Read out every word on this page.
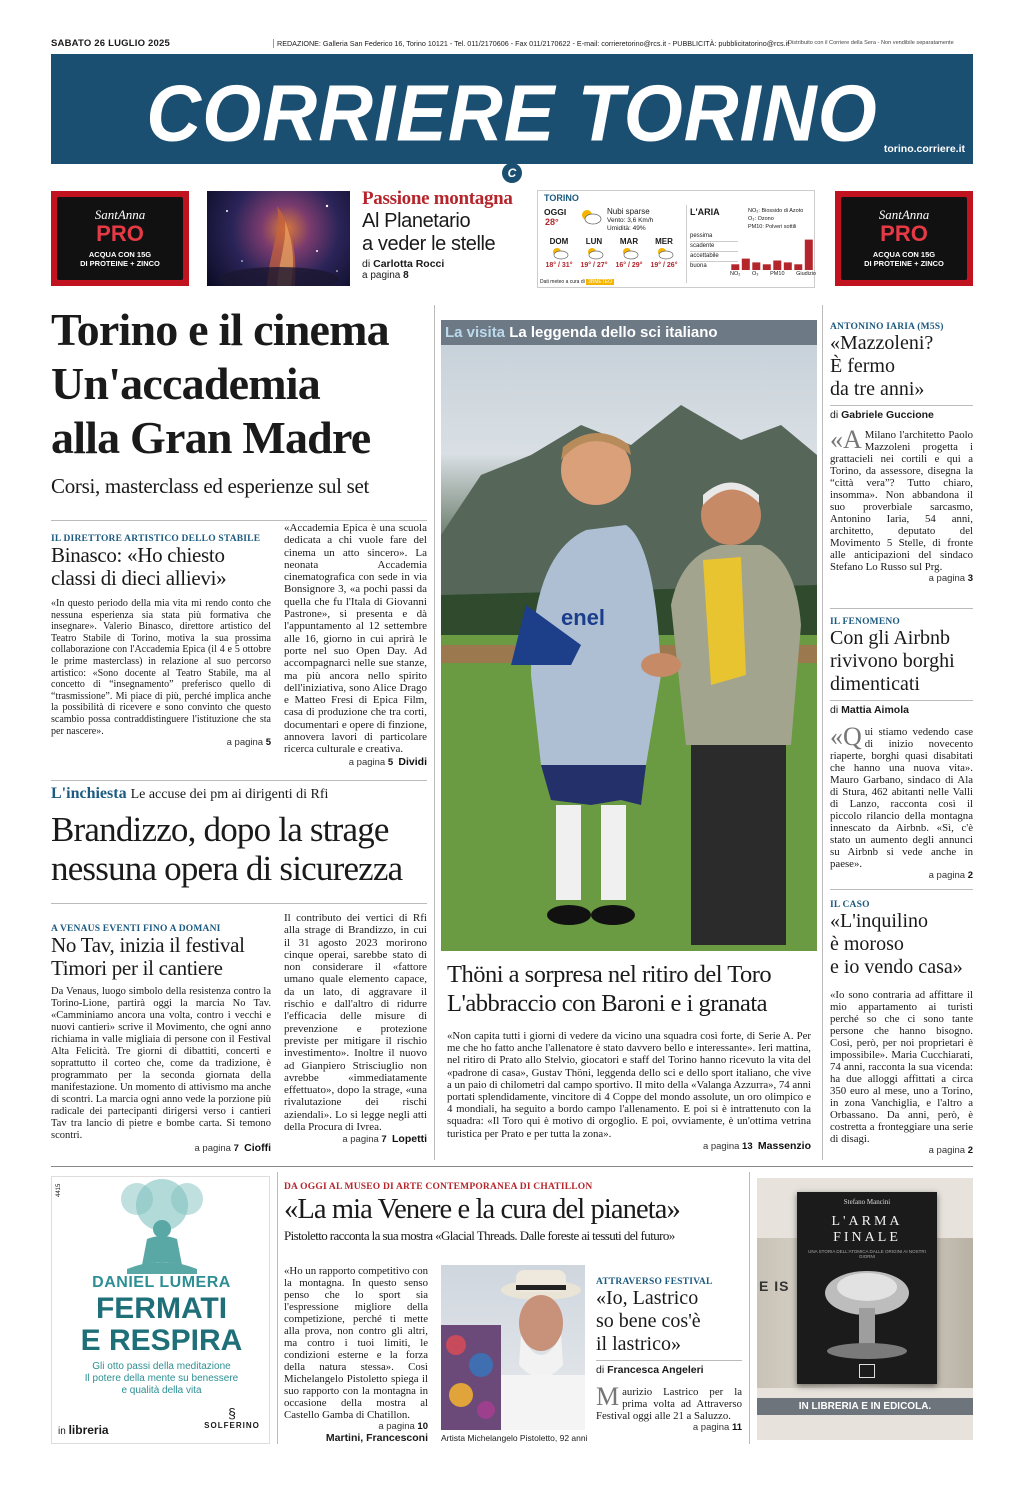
SABATO 26 LUGLIO 2025	REDAZIONE: Galleria San Federico 16, Torino 10121 - Tel. 011/2170606 - Fax 011/2170622 - E-mail: corrieretorino@rcs.it - PUBBLICITÀ: pubblicitatorino@rcs.it
Distribuito con il Corriere della Sera - Non vendibile separatamente
CORRIERE TORINO torino.corriere.it
C
SantAnna
PRO
ACQUA CON 15G
DI PROTEINE + ZINCO
Passione montagna
Al Planetario
a veder le stelle
di Carlotta Rocci
a pagina 8
TORINO
OGGI
28°
Nubi sparse
Vento: 3,6 Km/h
Umidità: 49%
DOM
18° / 31°
LUN
19° / 27°
MAR
16° / 29°
MER
19° / 26°
Dati meteo a cura di 3BMETEO
L'ARIA	NO₂: Biossido di Azoto
O₃: Ozono
PM10: Polveri sottili
pessima
scadente
accettabile
buona
NO₂ O₃ PM10 Giudizio
SantAnna
PRO
ACQUA CON 15G
DI PROTEINE + ZINCO
Torino e il cinema
Un'accademia
alla Gran Madre
Corsi, masterclass ed esperienze sul set
IL DIRETTORE ARTISTICO DELLO STABILE
Binasco: «Ho chiesto
classi di dieci allievi»
«In questo periodo della mia vita mi rendo conto che nessuna esperienza sia stata più formativa che insegnare». Valerio Binasco, direttore artistico del Teatro Stabile di Torino, motiva la sua prossima collaborazione con l'Accademia Epica (il 4 e 5 ottobre le prime masterclass) in relazione al suo percorso artistico: «Sono docente al Teatro Stabile, ma al concetto di “insegnamento” preferisco quello di “trasmissione”. Mi piace di più, perché implica anche la possibilità di ricevere e sono convinto che questo scambio possa contraddistinguere l'istituzione che sta per nascere».
a pagina 5
«Accademia Epica è una scuola dedicata a chi vuole fare del cinema un atto sincero». La neonata Accademia cinematografica con sede in via Bonsignore 3, «a pochi passi da quella che fu l'Itala di Giovanni Pastrone», si presenta e dà l'appuntamento al 12 settembre alle 16, giorno in cui aprirà le porte nel suo Open Day. Ad accompagnarci nelle sue stanze, ma più ancora nello spirito dell'iniziativa, sono Alice Drago e Matteo Fresi di Epica Film, casa di produzione che tra corti, documentari e opere di finzione, annovera lavori di particolare ricerca culturale e creativa.
a pagina 5 Dividi
L'inchiesta Le accuse dei pm ai dirigenti di Rfi
Brandizzo, dopo la strage
nessuna opera di sicurezza
A VENAUS EVENTI FINO A DOMANI
No Tav, inizia il festival
Timori per il cantiere
Da Venaus, luogo simbolo della resistenza contro la Torino-Lione, partirà oggi la marcia No Tav. «Camminiamo ancora una volta, contro i vecchi e nuovi cantieri» scrive il Movimento, che ogni anno richiama in valle migliaia di persone con il Festival Alta Felicità. Tre giorni di dibattiti, concerti e soprattutto il corteo che, come da tradizione, è programmato per la seconda giornata della manifestazione. Un momento di attivismo ma anche di scontri. La marcia ogni anno vede la porzione più radicale dei partecipanti dirigersi verso i cantieri Tav tra lancio di pietre e bombe carta. Si temono scontri.
a pagina 7 Cioffi
Il contributo dei vertici di Rfi alla strage di Brandizzo, in cui il 31 agosto 2023 morirono cinque operai, sarebbe stato di non considerare il «fattore umano quale elemento capace, da un lato, di aggravare il rischio e dall'altro di ridurre l'efficacia delle misure di prevenzione e protezione previste per mitigare il rischio investimento». Inoltre il nuovo ad Gianpiero Strisciuglio non avrebbe «immediatamente effettuato», dopo la strage, «una rivalutazione dei rischi aziendali». Lo si legge negli atti della Procura di Ivrea.
a pagina 7 Lopetti
La visita La leggenda dello sci italiano
enel
Thöni a sorpresa nel ritiro del Toro
L'abbraccio con Baroni e i granata
«Non capita tutti i giorni di vedere da vicino una squadra così forte, di Serie A. Per me che ho fatto anche l'allenatore è stato davvero bello e interessante». Ieri mattina, nel ritiro di Prato allo Stelvio, giocatori e staff del Torino hanno ricevuto la vita del «padrone di casa», Gustav Thöni, leggenda dello sci e dello sport italiano, che vive a un paio di chilometri dal campo sportivo. Il mito della «Valanga Azzurra», 74 anni portati splendidamente, vincitore di 4 Coppe del mondo assolute, un oro olimpico e 4 mondiali, ha seguito a bordo campo l'allenamento. E poi si è intrattenuto con la squadra: «Il Toro qui è motivo di orgoglio. E poi, ovviamente, è un'ottima vetrina turistica per Prato e per tutta la zona».
a pagina 13 Massenzio
ANTONINO IARIA (M5S)
«Mazzoleni?
È fermo
da tre anni»
di Gabriele Guccione
«A Milano l'architetto Paolo Mazzoleni progetta i grattacieli nei cortili e qui a Torino, da assessore, disegna la “città vera”? Tutto chiaro, insomma». Non abbandona il suo proverbiale sarcasmo, Antonino Iaria, 54 anni, architetto, deputato del Movimento 5 Stelle, di fronte alle anticipazioni del sindaco Stefano Lo Russo sul Prg.
a pagina 3
IL FENOMENO
Con gli Airbnb
rivivono borghi
dimenticati
di Mattia Aimola
«Qui stiamo vedendo case di inizio novecento riaperte, borghi quasi disabitati che hanno una nuova vita». Mauro Garbano, sindaco di Ala di Stura, 462 abitanti nelle Valli di Lanzo, racconta così il piccolo rilancio della montagna innescato da Airbnb. «Sì, c'è stato un aumento degli annunci su Airbnb si vede anche in paese».
a pagina 2
IL CASO
«L'inquilino
è moroso
e io vendo casa»
«Io sono contraria ad affittare il mio appartamento ai turisti perché so che ci sono tante persone che hanno bisogno. Così, però, per noi proprietari è impossibile». Maria Cucchiarati, 74 anni, racconta la sua vicenda: ha due alloggi affittati a circa 350 euro al mese, uno a Torino, in zona Vanchiglia, e l'altro a Orbassano. Da anni, però, è costretta a fronteggiare una serie di disagi.
a pagina 2
4415
DANIEL LUMERA
FERMATI
E RESPIRA
Gli otto passi della meditazione
Il potere della mente su benessere
e qualità della vita
in libreria
§
SOLFERINO
DA OGGI AL MUSEO DI ARTE CONTEMPORANEA DI CHATILLON
«La mia Venere e la cura del pianeta»
Pistoletto racconta la sua mostra «Glacial Threads. Dalle foreste ai tessuti del futuro»
«Ho un rapporto competitivo con la montagna. In questo senso penso che lo sport sia l'espressione migliore della competizione, perché ti mette alla prova, non contro gli altri, ma contro i tuoi limiti, le condizioni esterne e la forza della natura stessa». Così Michelangelo Pistoletto spiega il suo rapporto con la montagna in occasione della mostra al Castello Gamba di Chatillon.
a pagina 10
Martini, Francesconi Artista Michelangelo Pistoletto, 92 anni
ATTRAVERSO FESTIVAL
«Io, Lastrico
so bene cos'è
il lastrico»
di Francesca Angeleri
Maurizio Lastrico per la prima volta ad Attraverso Festival oggi alle 21 a Saluzzo.
a pagina 11
E IS
Stefano Mancini
L'ARMA
FINALE
UNA STORIA DELL'ATOMICA DALLE ORIGINI AI NOSTRI GIORNI
IN LIBRERIA E IN EDICOLA.
